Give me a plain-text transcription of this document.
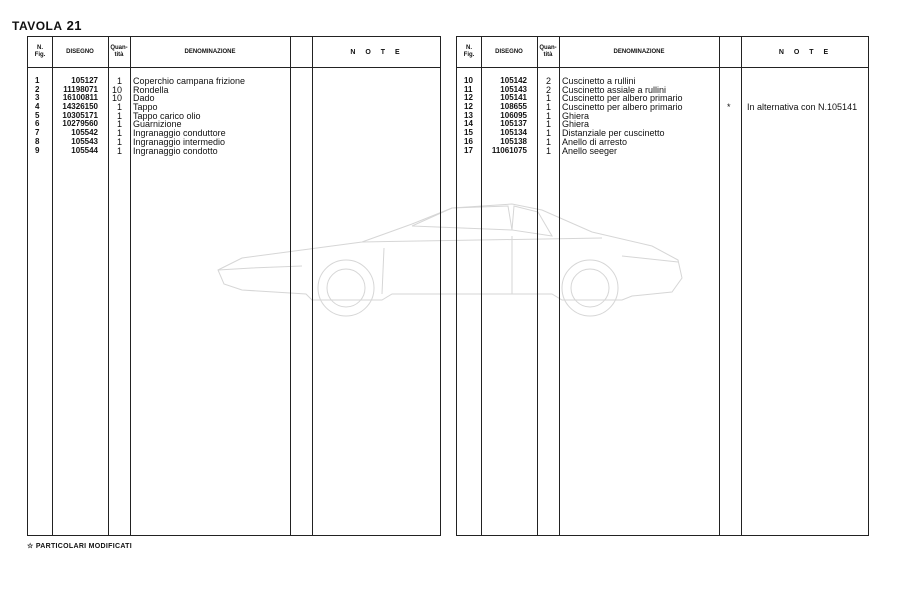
TAVOLA 21
N.
Fig.
DISEGNO
Quan-
tità
DENOMINAZIONE	N O T E
1	105127	1 Coperchio campana frizione
2	11198071	10 Rondella
3	16100811	10 Dado
4	14326150	1 Tappo
5	10305171	1 Tappo carico olio
6	10279560	1 Guarnizione
7	105542	1 Ingranaggio conduttore
8	105543	1 Ingranaggio intermedio
9	105544	1 Ingranaggio condotto
N.
Fig.
DISEGNO
Quan-
tità
DENOMINAZIONE	N O T E
10	105142	2 Cuscinetto a rullini
11	105143	2 Cuscinetto assiale a rullini
12	105141	1 Cuscinetto per albero primario
12	108655	1 Cuscinetto per albero primario	* In alternativa con N.105141
13	106095	1 Ghiera
14	105137	1 Ghiera
15	105134	1 Distanziale per cuscinetto
16	105138	1 Anello di arresto
17	11061075	1 Anello seeger
☆ PARTICOLARI MODIFICATI
